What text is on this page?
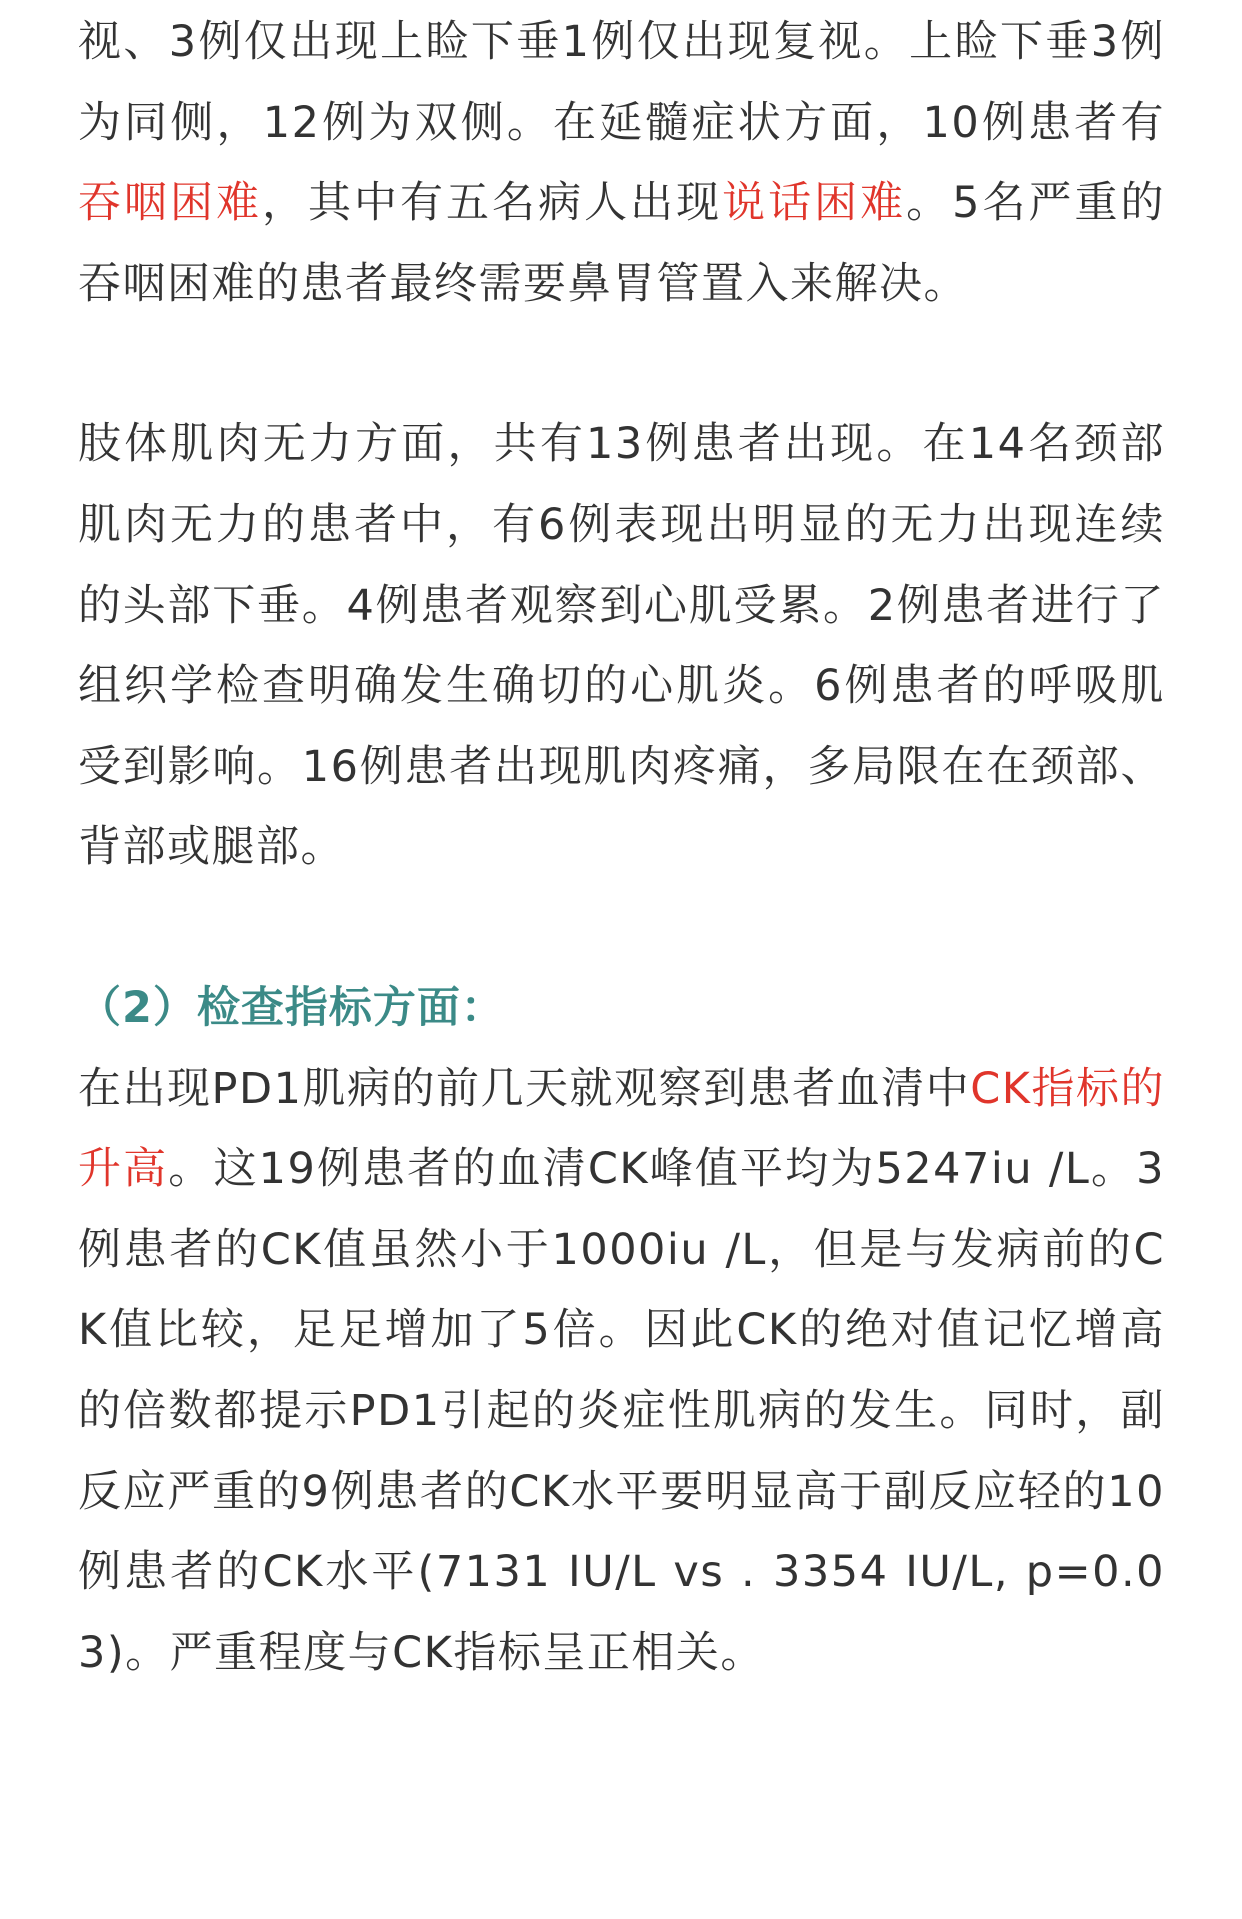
视、3例仅出现上睑下垂1例仅出现复视。上睑下垂3例为同侧，12例为双侧。在延髓症状方面，10例患者有吞咽困难，其中有五名病人出现说话困难。5名严重的吞咽困难的患者最终需要鼻胃管置入来解决。

肢体肌肉无力方面，共有13例患者出现。在14名颈部肌肉无力的患者中，有6例表现出明显的无力出现连续的头部下垂。4例患者观察到心肌受累。2例患者进行了组织学检查明确发生确切的心肌炎。6例患者的呼吸肌受到影响。16例患者出现肌肉疼痛，多局限在在颈部、背部或腿部。

（2）检查指标方面：

在出现PD1肌病的前几天就观察到患者血清中CK指标的升高。这19例患者的血清CK峰值平均为5247iu /L。3例患者的CK值虽然小于1000iu /L，但是与发病前的CK值比较，足足增加了5倍。因此CK的绝对值记忆增高的倍数都提示PD1引起的炎症性肌病的发生。同时，副反应严重的9例患者的CK水平要明显高于副反应轻的10例患者的CK水平(7131 IU/L vs . 3354 IU/L, p=0.03)。严重程度与CK指标呈正相关。
